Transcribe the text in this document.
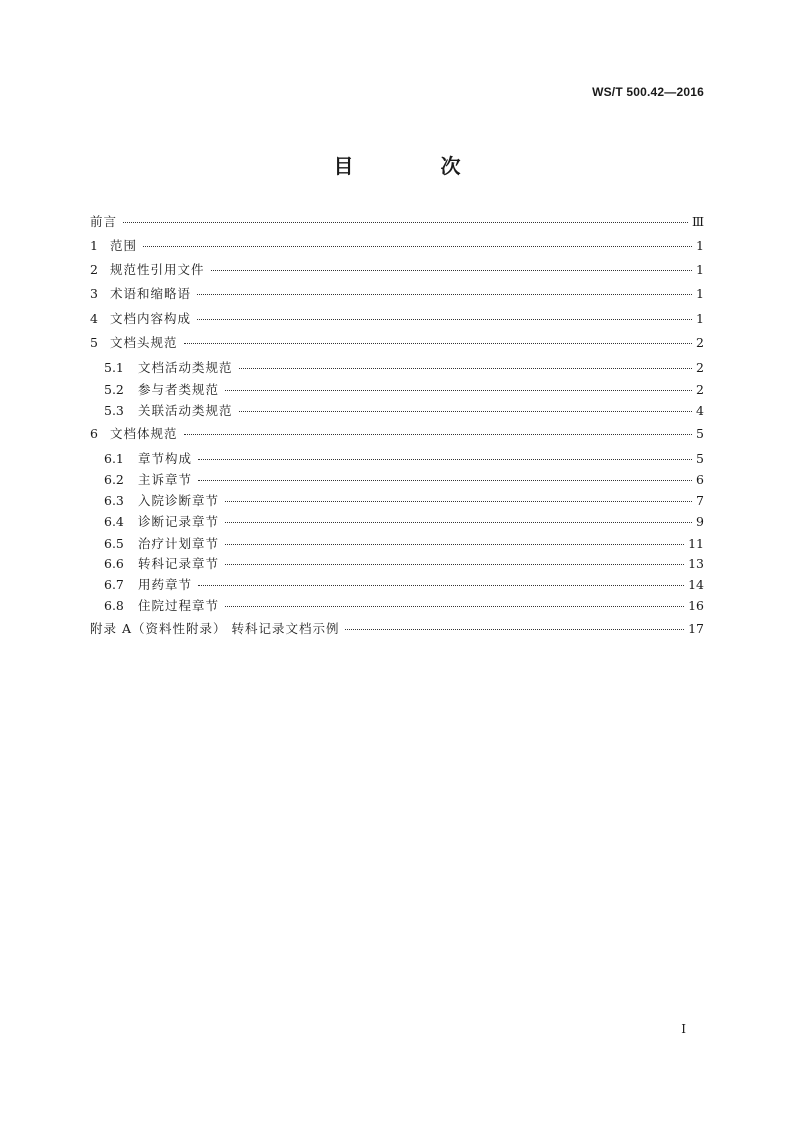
WS/T 500.42—2016
目 次
前言	Ⅲ
1 范围	1
2 规范性引用文件	1
3 术语和缩略语	1
4 文档内容构成	1
5 文档头规范	2
5.1	文档活动类规范	2
5.2	参与者类规范	2
5.3	关联活动类规范	4
6 文档体规范	5
6.1	章节构成	5
6.2	主诉章节	6
6.3	入院诊断章节	7
6.4	诊断记录章节	9
6.5	治疗计划章节	11
6.6	转科记录章节	13
6.7	用药章节	14
6.8	住院过程章节	16
附录 A（资料性附录） 转科记录文档示例	17
I
